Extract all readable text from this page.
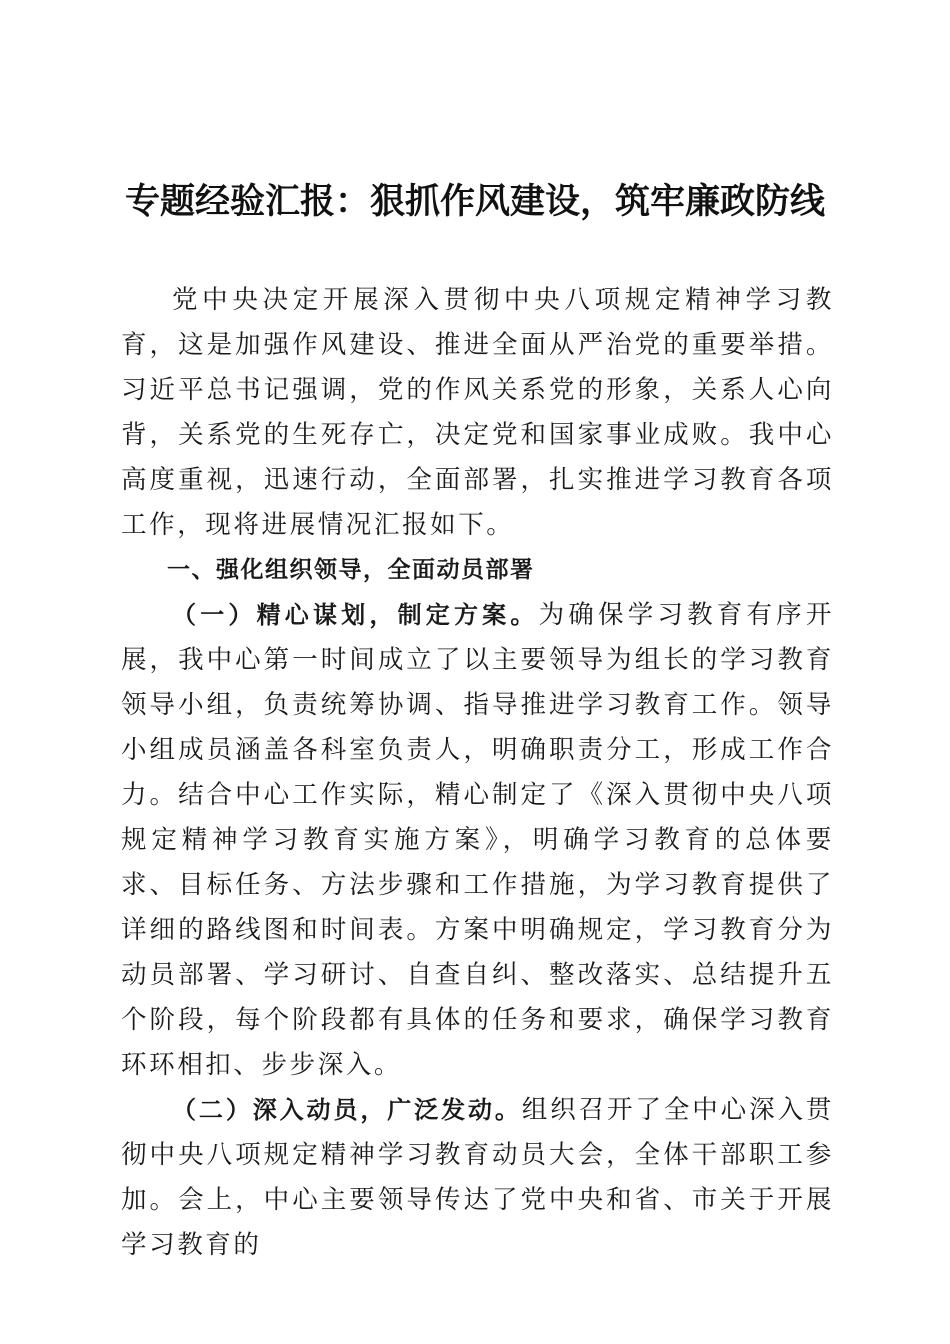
专题经验汇报：狠抓作风建设，筑牢廉政防线

党中央决定开展深入贯彻中央八项规定精神学习教育，这是加强作风建设、推进全面从严治党的重要举措。习近平总书记强调，党的作风关系党的形象，关系人心向背，关系党的生死存亡，决定党和国家事业成败。我中心高度重视，迅速行动，全面部署，扎实推进学习教育各项工作，现将进展情况汇报如下。

一、强化组织领导，全面动员部署

（一）精心谋划，制定方案。为确保学习教育有序开展，我中心第一时间成立了以主要领导为组长的学习教育领导小组，负责统筹协调、指导推进学习教育工作。领导小组成员涵盖各科室负责人，明确职责分工，形成工作合力。结合中心工作实际，精心制定了《深入贯彻中央八项规定精神学习教育实施方案》，明确学习教育的总体要求、目标任务、方法步骤和工作措施，为学习教育提供了详细的路线图和时间表。方案中明确规定，学习教育分为动员部署、学习研讨、自查自纠、整改落实、总结提升五个阶段，每个阶段都有具体的任务和要求，确保学习教育环环相扣、步步深入。

（二）深入动员，广泛发动。组织召开了全中心深入贯彻中央八项规定精神学习教育动员大会，全体干部职工参加。会上，中心主要领导传达了党中央和省、市关于开展学习教育的
